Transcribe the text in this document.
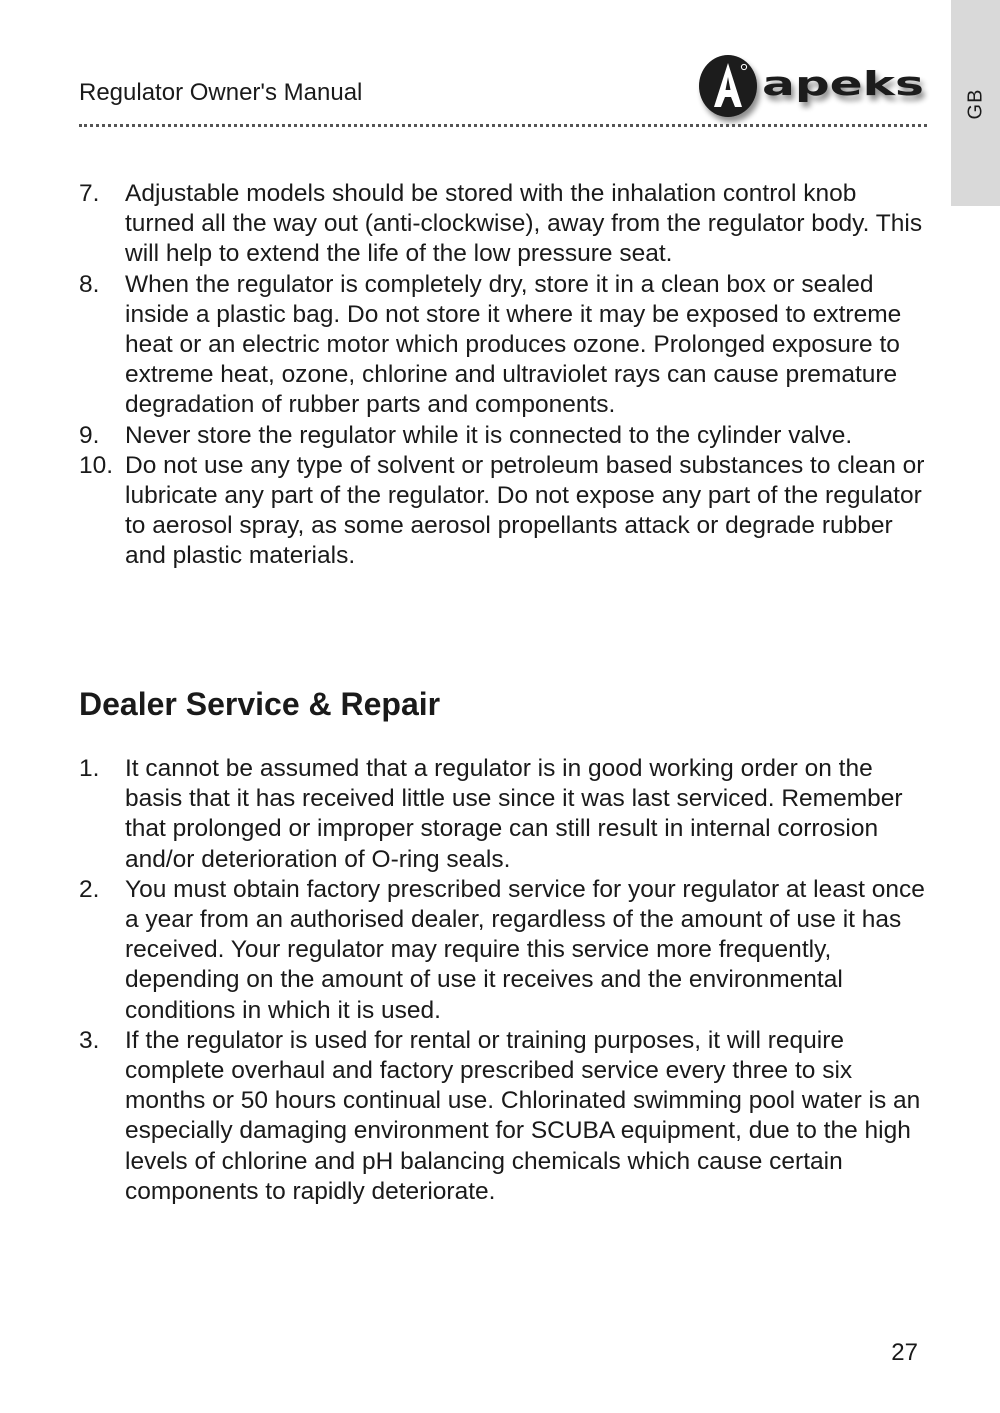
Regulator Owner's Manual	apeks
GB
7. Adjustable models should be stored with the inhalation control knob turned all the way out (anti-clockwise), away from the regulator body. This will help to extend the life of the low pressure seat.
8. When the regulator is completely dry, store it in a clean box or sealed inside a plastic bag. Do not store it where it may be exposed to extreme heat or an electric motor which produces ozone. Prolonged exposure to extreme heat, ozone, chlorine and ultraviolet rays can cause premature degradation of rubber parts and components.
9. Never store the regulator while it is connected to the cylinder valve.
10. Do not use any type of solvent or petroleum based substances to clean or lubricate any part of the regulator. Do not expose any part of the regulator to aerosol spray, as some aerosol propellants attack or degrade rubber and plastic materials.
Dealer Service & Repair
1. It cannot be assumed that a regulator is in good working order on the basis that it has received little use since it was last serviced. Remember that prolonged or improper storage can still result in internal corrosion and/or deterioration of O-ring seals.
2. You must obtain factory prescribed service for your regulator at least once a year from an authorised dealer, regardless of the amount of use it has received. Your regulator may require this service more frequently, depending on the amount of use it receives and the environmental conditions in which it is used.
3. If the regulator is used for rental or training purposes, it will require complete overhaul and factory prescribed service every three to six months or 50 hours continual use. Chlorinated swimming pool water is an especially damaging environment for SCUBA equipment, due to the high levels of chlorine and pH balancing chemicals which cause certain components to rapidly deteriorate.
27
